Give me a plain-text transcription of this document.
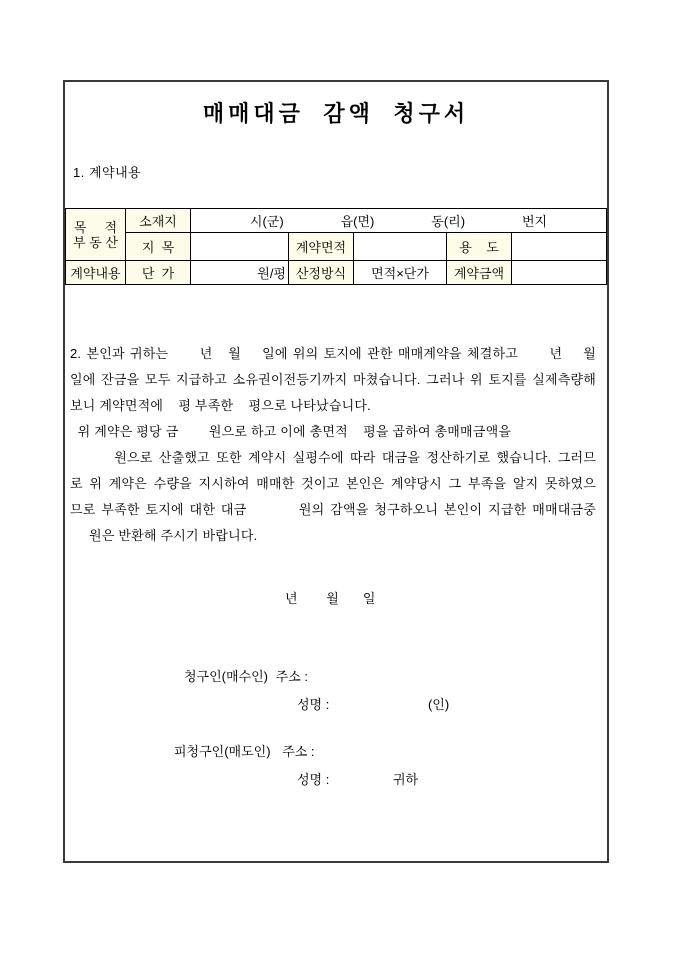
매매대금 감액 청구서
1. 계약내용
목     적
부 동 산
	소재지	시(군)	읍(면)	동(리)	번지

	지  목		계약면적		용    도	
계약내용	단  가	원/평	산정방식	면적×단가	계약금액	
2. 본인과 귀하는      년   월    일에 위의 토지에 관한 매매계약을 체결하고      년    월
일에 잔금을 모두 지급하고 소유권이전등기까지 마쳤습니다. 그러나 위 토지를 실제측량해
보니 계약면적에    평 부족한    평으로 나타났습니다.
위 계약은 평당 금        원으로 하고 이에 총면적    평을 곱하여 총매매금액을
원으로 산출했고 또한 계약시 실평수에 따라 대금을 정산하기로 했습니다. 그러므
로 위 계약은 수량을 지시하여 매매한 것이고 본인은 계약당시 그 부족을 알지 못하였으
므로 부족한 토지에 대한 대금         원의 감액을 청구하오니 본인이 지급한 매매대금중
원은 반환해 주시기 바랍니다.
년      월     일
청구인(매수인) 주소 :
성명 :	(인)
피청구인(매도인) 주소 :
성명 :	귀하
